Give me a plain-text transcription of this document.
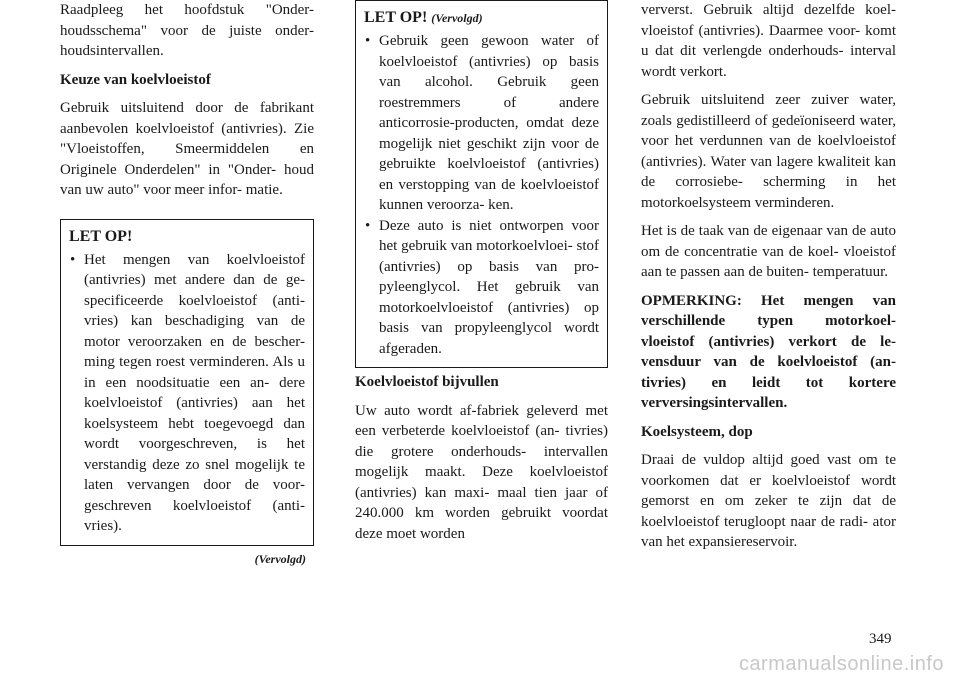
Raadpleeg het hoofdstuk "Onder- houdsschema" voor de juiste onder- houdsintervallen.

Keuze van koelvloeistof

Gebruik uitsluitend door de fabrikant aanbevolen koelvloeistof (antivries). Zie "Vloeistoffen, Smeermiddelen en Originele Onderdelen" in "Onder- houd van uw auto" voor meer infor- matie.

LET OP!
• Het mengen van koelvloeistof (antivries) met andere dan de ge- specificeerde koelvloeistof (anti- vries) kan beschadiging van de motor veroorzaken en de bescher- ming tegen roest verminderen. Als u in een noodsituatie een an- dere koelvloeistof (antivries) aan het koelsysteem hebt toegevoegd dan wordt voorgeschreven, is het verstandig deze zo snel mogelijk te laten vervangen door de voor- geschreven koelvloeistof (anti- vries).
(Vervolgd)
LET OP! (Vervolgd)
• Gebruik geen gewoon water of koelvloeistof (antivries) op basis van alcohol. Gebruik geen roestremmers of andere anticorrosie-producten, omdat deze mogelijk niet geschikt zijn voor de gebruikte koelvloeistof (antivries) en verstopping van de koelvloeistof kunnen veroorza- ken.
• Deze auto is niet ontworpen voor het gebruik van motorkoelvloei- stof (antivries) op basis van pro- pyleenglycol. Het gebruik van motorkoelvloeistof (antivries) op basis van propyleenglycol wordt afgeraden.

Koelvloeistof bijvullen

Uw auto wordt af-fabriek geleverd met een verbeterde koelvloeistof (an- tivries) die grotere onderhouds- intervallen mogelijk maakt. Deze koelvloeistof (antivries) kan maxi- maal tien jaar of 240.000 km worden gebruikt voordat deze moet worden

ververst. Gebruik altijd dezelfde koel- vloeistof (antivries). Daarmee voor- komt u dat dit verlengde onderhouds- interval wordt verkort.

Gebruik uitsluitend zeer zuiver water, zoals gedistilleerd of gedeïoniseerd water, voor het verdunnen van de koelvloeistof (antivries). Water van lagere kwaliteit kan de corrosiebe- scherming in het motorkoelsysteem verminderen.

Het is de taak van de eigenaar van de auto om de concentratie van de koel- vloeistof aan te passen aan de buiten- temperatuur.

OPMERKING: Het mengen van verschillende typen motorkoel- vloeistof (antivries) verkort de le- vensduur van de koelvloeistof (an- tivries) en leidt tot kortere verversingsintervallen.

Koelsysteem, dop

Draai de vuldop altijd goed vast om te voorkomen dat er koelvloeistof wordt gemorst en om zeker te zijn dat de koelvloeistof terugloopt naar de radi- ator van het expansiereservoir.

349
carmanualsonline.info
